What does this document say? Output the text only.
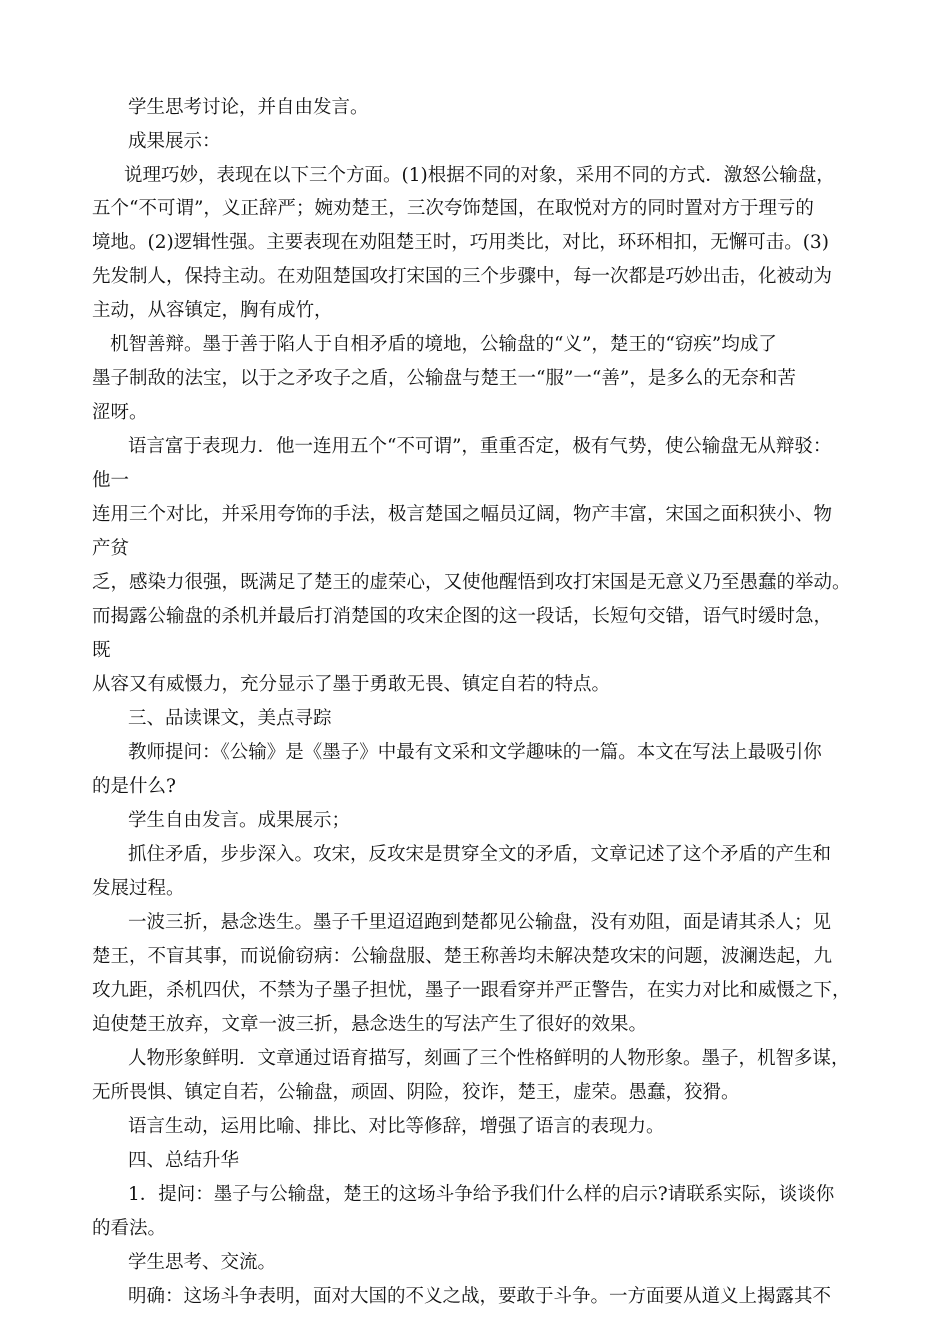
学生思考讨论，并自由发言。
成果展示：
说理巧妙，表现在以下三个方面。(1)根据不同的对象，采用不同的方式．激怒公输盘，
五个“不可谓”，义正辞严；婉劝楚王，三次夸饰楚国，在取悦对方的同时置对方于理亏的
境地。(2)逻辑性强。主要表现在劝阻楚王时，巧用类比，对比，环环相扣，无懈可击。(3)
先发制人，保持主动。在劝阻楚国攻打宋国的三个步骤中，每一次都是巧妙出击，化被动为
主动，从容镇定，胸有成竹，
机智善辩。墨于善于陷人于自相矛盾的境地，公输盘的“义”，楚王的“窃疾”均成了
墨子制敌的法宝，以于之矛攻子之盾，公输盘与楚王一“服”一“善”，是多么的无奈和苦
涩呀。
语言富于表现力．他一连用五个“不可谓”，重重否定，极有气势，使公输盘无从辩驳：
他一
连用三个对比，并采用夸饰的手法，极言楚国之幅员辽阔，物产丰富，宋国之面积狭小、物
产贫
乏，感染力很强，既满足了楚王的虚荣心，又使他醒悟到攻打宋国是无意义乃至愚蠢的举动。
而揭露公输盘的杀机并最后打消楚国的攻宋企图的这一段话，长短句交错，语气时缓时急，
既
从容又有威慑力，充分显示了墨于勇敢无畏、镇定自若的特点。
三、品读课文，美点寻踪
教师提问：《公输》是《墨子》中最有文采和文学趣味的一篇。本文在写法上最吸引你
的是什么?
学生自由发言。成果展示；
抓住矛盾，步步深入。攻宋，反攻宋是贯穿全文的矛盾，文章记述了这个矛盾的产生和
发展过程。
一波三折，悬念迭生。墨子千里迢迢跑到楚都见公输盘，没有劝阻，面是请其杀人；见
楚王，不盲其事，而说偷窃病：公输盘服、楚王称善均未解决楚攻宋的问题，波澜迭起，九
攻九距，杀机四伏，不禁为子墨子担忧，墨子一跟看穿并严正警告，在实力对比和威慑之下，
迫使楚王放弃，文章一波三折，悬念迭生的写法产生了很好的效果。
人物形象鲜明．文章通过语育描写，刻画了三个性格鲜明的人物形象。墨子，机智多谋，
无所畏惧、镇定自若，公输盘，顽固、阴险，狡诈，楚王，虚荣。愚蠢，狡猾。
语言生动，运用比喻、排比、对比等修辞，增强了语言的表现力。
四、总结升华
1．提问：墨子与公输盘，楚王的这场斗争给予我们什么样的启示?请联系实际，谈谈你
的看法。
学生思考、交流。
明确：这场斗争表明，面对大国的不义之战，要敢于斗争。一方面要从道义上揭露其不
